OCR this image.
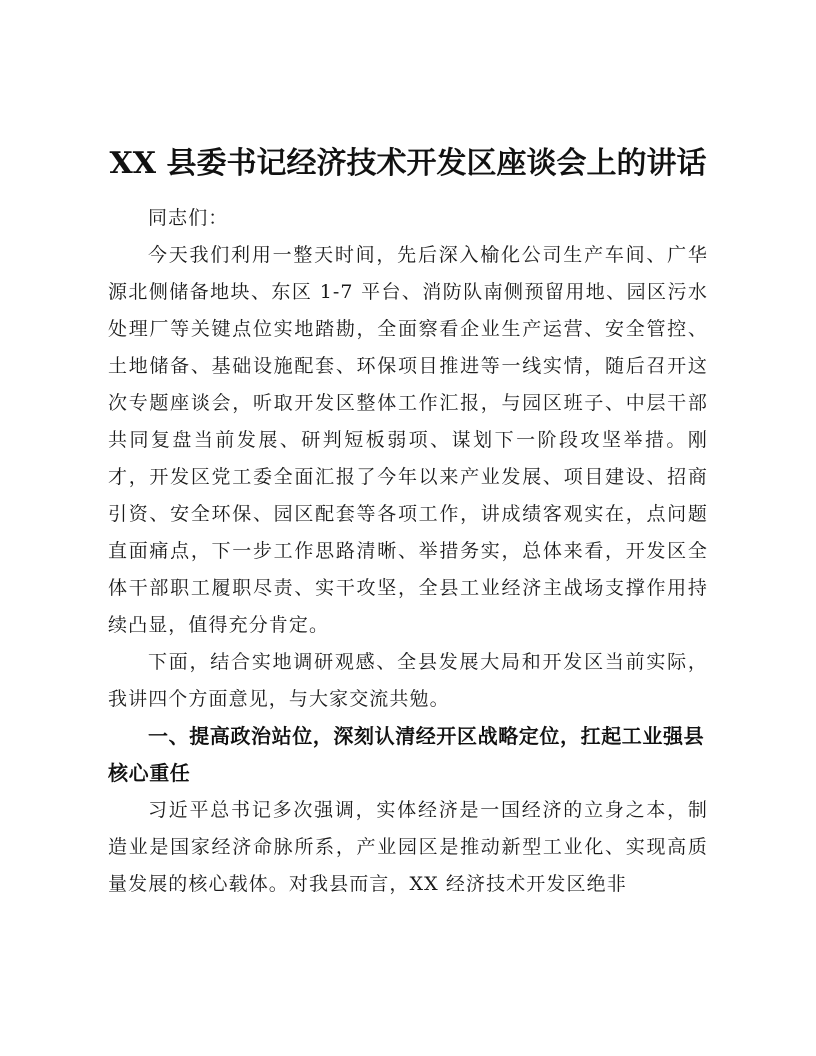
XX 县委书记经济技术开发区座谈会上的讲话

同志们：

今天我们利用一整天时间，先后深入榆化公司生产车间、广华源北侧储备地块、东区 1-7 平台、消防队南侧预留用地、园区污水处理厂等关键点位实地踏勘，全面察看企业生产运营、安全管控、土地储备、基础设施配套、环保项目推进等一线实情，随后召开这次专题座谈会，听取开发区整体工作汇报，与园区班子、中层干部共同复盘当前发展、研判短板弱项、谋划下一阶段攻坚举措。刚才，开发区党工委全面汇报了今年以来产业发展、项目建设、招商引资、安全环保、园区配套等各项工作，讲成绩客观实在，点问题直面痛点，下一步工作思路清晰、举措务实，总体来看，开发区全体干部职工履职尽责、实干攻坚，全县工业经济主战场支撑作用持续凸显，值得充分肯定。

下面，结合实地调研观感、全县发展大局和开发区当前实际，我讲四个方面意见，与大家交流共勉。

一、提高政治站位，深刻认清经开区战略定位，扛起工业强县核心重任

习近平总书记多次强调，实体经济是一国经济的立身之本，制造业是国家经济命脉所系，产业园区是推动新型工业化、实现高质量发展的核心载体。对我县而言，XX 经济技术开发区绝非
